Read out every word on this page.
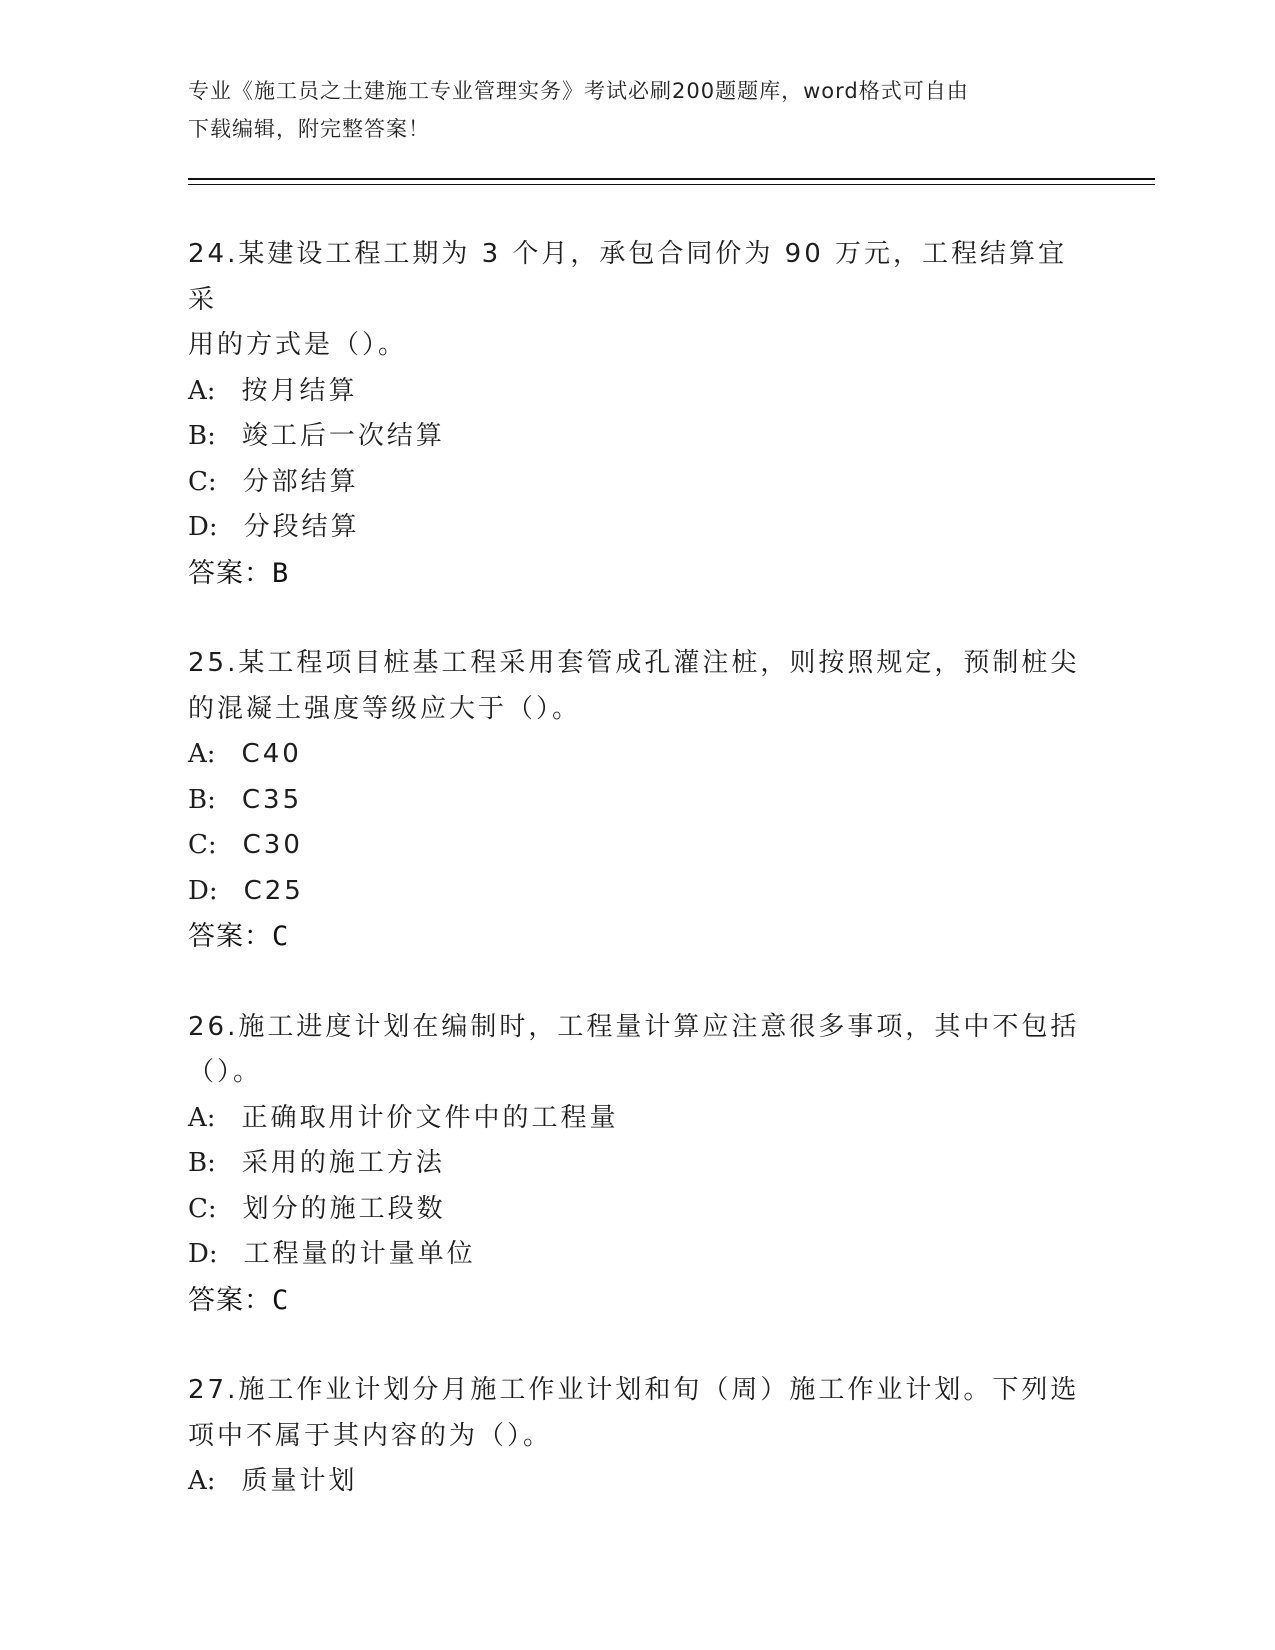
专业《施工员之土建施工专业管理实务》考试必刷200题题库，word格式可自由
下载编辑，附完整答案！
24.某建设工程工期为 3 个月，承包合同价为 90 万元，工程结算宜采
用的方式是（）。
A: 按月结算
B: 竣工后一次结算
C: 分部结算
D: 分段结算
答案：B
25.某工程项目桩基工程采用套管成孔灌注桩，则按照规定，预制桩尖
的混凝土强度等级应大于（）。
A: C40
B: C35
C: C30
D: C25
答案：C
26.施工进度计划在编制时，工程量计算应注意很多事项，其中不包括
（）。
A: 正确取用计价文件中的工程量
B: 采用的施工方法
C: 划分的施工段数
D: 工程量的计量单位
答案：C
27.施工作业计划分月施工作业计划和旬（周）施工作业计划。下列选
项中不属于其内容的为（）。
A: 质量计划
